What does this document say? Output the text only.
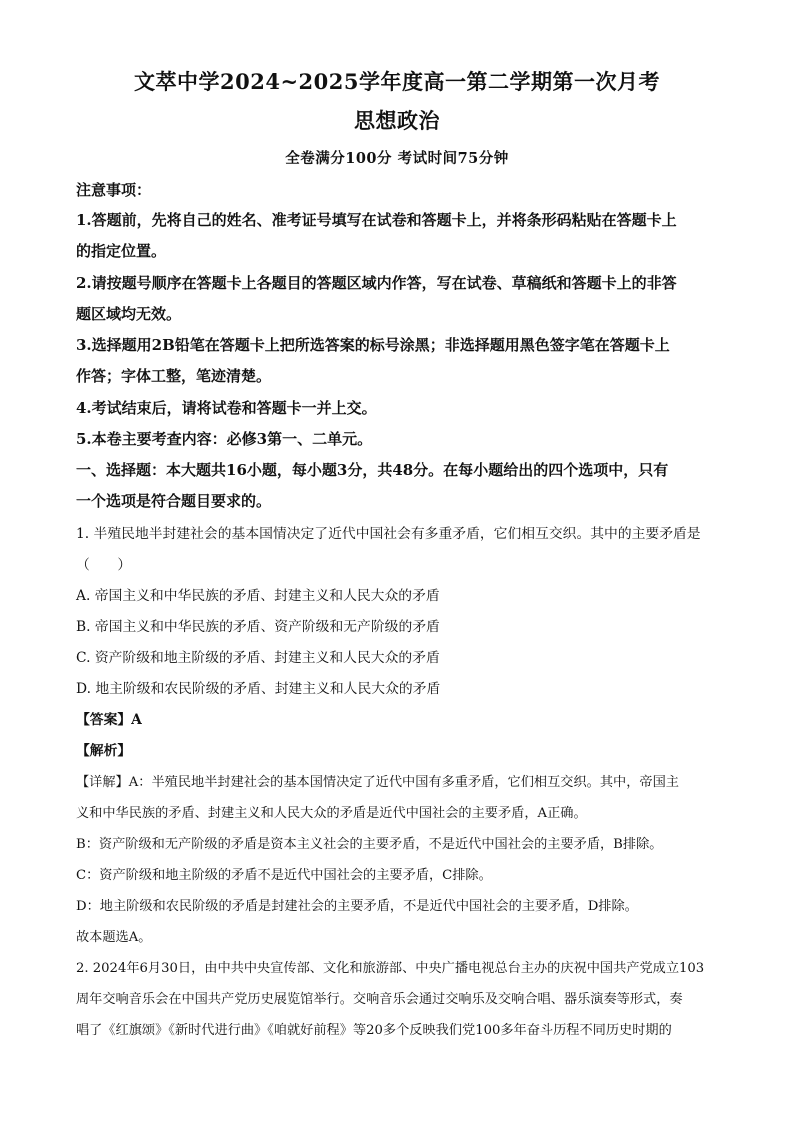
文萃中学2024~2025学年度高一第二学期第一次月考
思想政治
全卷满分100分 考试时间75分钟
注意事项：
1.答题前，先将自己的姓名、准考证号填写在试卷和答题卡上，并将条形码粘贴在答题卡上
的指定位置。
2.请按题号顺序在答题卡上各题目的答题区域内作答，写在试卷、草稿纸和答题卡上的非答
题区域均无效。
3.选择题用2B铅笔在答题卡上把所选答案的标号涂黑；非选择题用黑色签字笔在答题卡上
作答；字体工整，笔迹清楚。
4.考试结束后，请将试卷和答题卡一并上交。
5.本卷主要考查内容：必修3第一、二单元。
一、选择题：本大题共16小题，每小题3分，共48分。在每小题给出的四个选项中，只有
一个选项是符合题目要求的。
1. 半殖民地半封建社会的基本国情决定了近代中国社会有多重矛盾，它们相互交织。其中的主要矛盾是
（　　）
A. 帝国主义和中华民族的矛盾、封建主义和人民大众的矛盾
B. 帝国主义和中华民族的矛盾、资产阶级和无产阶级的矛盾
C. 资产阶级和地主阶级的矛盾、封建主义和人民大众的矛盾
D. 地主阶级和农民阶级的矛盾、封建主义和人民大众的矛盾
【答案】A
【解析】
【详解】A：半殖民地半封建社会的基本国情决定了近代中国有多重矛盾，它们相互交织。其中，帝国主
义和中华民族的矛盾、封建主义和人民大众的矛盾是近代中国社会的主要矛盾，A正确。
B：资产阶级和无产阶级的矛盾是资本主义社会的主要矛盾，不是近代中国社会的主要矛盾，B排除。
C：资产阶级和地主阶级的矛盾不是近代中国社会的主要矛盾，C排除。
D：地主阶级和农民阶级的矛盾是封建社会的主要矛盾，不是近代中国社会的主要矛盾，D排除。
故本题选A。
2. 2024年6月30日，由中共中央宣传部、文化和旅游部、中央广播电视总台主办的庆祝中国共产党成立103
周年交响音乐会在中国共产党历史展览馆举行。交响音乐会通过交响乐及交响合唱、器乐演奏等形式，奏
唱了《红旗颂》《新时代进行曲》《咱就好前程》等20多个反映我们党100多年奋斗历程不同历史时期的
